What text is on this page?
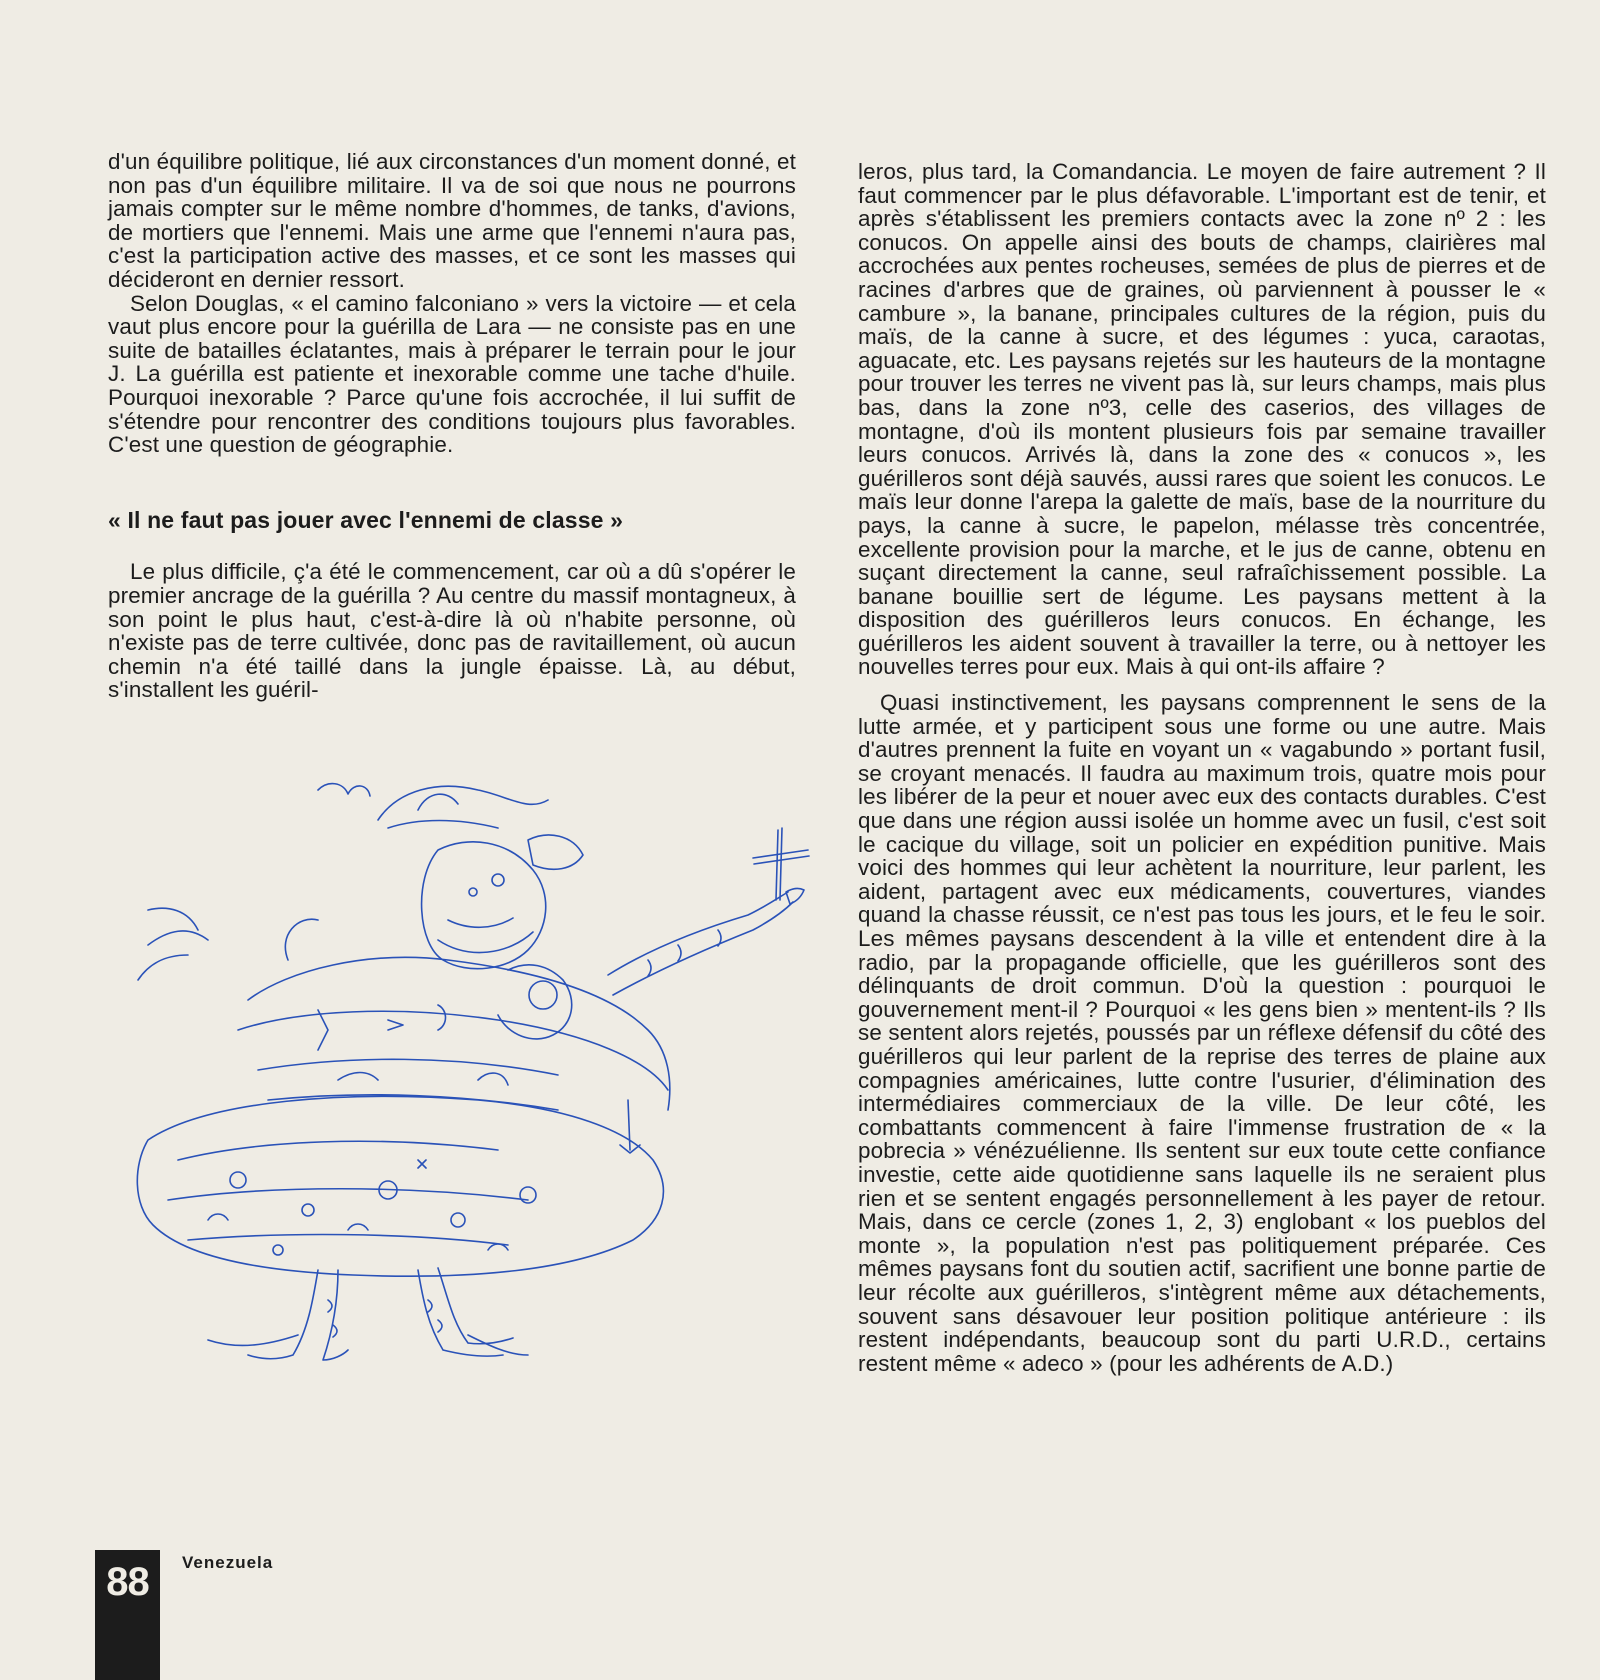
d'un équilibre politique, lié aux circonstances d'un moment donné, et non pas d'un équilibre militaire. Il va de soi que nous ne pourrons jamais compter sur le même nombre d'hommes, de tanks, d'avions, de mortiers que l'ennemi. Mais une arme que l'ennemi n'aura pas, c'est la participation active des masses, et ce sont les masses qui décideront en dernier ressort.

Selon Douglas, « el camino falconiano » vers la victoire — et cela vaut plus encore pour la guérilla de Lara — ne consiste pas en une suite de batailles éclatantes, mais à préparer le terrain pour le jour J. La guérilla est patiente et inexorable comme une tache d'huile. Pourquoi inexorable ? Parce qu'une fois accrochée, il lui suffit de s'étendre pour rencontrer des conditions toujours plus favorables. C'est une question de géographie.

« Il ne faut pas jouer avec l'ennemi de classe »

Le plus difficile, ç'a été le commencement, car où a dû s'opérer le premier ancrage de la guérilla ? Au centre du massif montagneux, à son point le plus haut, c'est-à-dire là où n'habite personne, où n'existe pas de terre cultivée, donc pas de ravitaillement, où aucun chemin n'a été taillé dans la jungle épaisse. Là, au début, s'installent les guéril-

leros, plus tard, la Comandancia. Le moyen de faire autrement ? Il faut commencer par le plus défavorable. L'important est de tenir, et après s'établissent les premiers contacts avec la zone nº 2 : les conucos. On appelle ainsi des bouts de champs, clairières mal accrochées aux pentes rocheuses, semées de plus de pierres et de racines d'arbres que de graines, où parviennent à pousser le « cambure », la banane, principales cultures de la région, puis du maïs, de la canne à sucre, et des légumes : yuca, caraotas, aguacate, etc. Les paysans rejetés sur les hauteurs de la montagne pour trouver les terres ne vivent pas là, sur leurs champs, mais plus bas, dans la zone nº3, celle des caserios, des villages de montagne, d'où ils montent plusieurs fois par semaine travailler leurs conucos. Arrivés là, dans la zone des « conucos », les guérilleros sont déjà sauvés, aussi rares que soient les conucos. Le maïs leur donne l'arepa la galette de maïs, base de la nourriture du pays, la canne à sucre, le papelon, mélasse très concentrée, excellente provision pour la marche, et le jus de canne, obtenu en suçant directement la canne, seul rafraîchissement possible. La banane bouillie sert de légume. Les paysans mettent à la disposition des guérilleros leurs conucos. En échange, les guérilleros les aident souvent à travailler la terre, ou à nettoyer les nouvelles terres pour eux. Mais à qui ont-ils affaire ?

Quasi instinctivement, les paysans comprennent le sens de la lutte armée, et y participent sous une forme ou une autre. Mais d'autres prennent la fuite en voyant un « vagabundo » portant fusil, se croyant menacés. Il faudra au maximum trois, quatre mois pour les libérer de la peur et nouer avec eux des contacts durables. C'est que dans une région aussi isolée un homme avec un fusil, c'est soit le cacique du village, soit un policier en expédition punitive. Mais voici des hommes qui leur achètent la nourriture, leur parlent, les aident, partagent avec eux médicaments, couvertures, viandes quand la chasse réussit, ce n'est pas tous les jours, et le feu le soir. Les mêmes paysans descendent à la ville et entendent dire à la radio, par la propagande officielle, que les guérilleros sont des délinquants de droit commun. D'où la question : pourquoi le gouvernement ment-il ? Pourquoi « les gens bien » mentent-ils ? Ils se sentent alors rejetés, poussés par un réflexe défensif du côté des guérilleros qui leur parlent de la reprise des terres de plaine aux compagnies américaines, lutte contre l'usurier, d'élimination des intermédiaires commerciaux de la ville. De leur côté, les combattants commencent à faire l'immense frustration de « la pobrecia » vénézuélienne. Ils sentent sur eux toute cette confiance investie, cette aide quotidienne sans laquelle ils ne seraient plus rien et se sentent engagés personnellement à les payer de retour. Mais, dans ce cercle (zones 1, 2, 3) englobant « los pueblos del monte », la population n'est pas politiquement préparée. Ces mêmes paysans font du soutien actif, sacrifient une bonne partie de leur récolte aux guérilleros, s'intègrent même aux détachements, souvent sans désavouer leur position politique antérieure : ils restent indépendants, beaucoup sont du parti U.R.D., certains restent même « adeco » (pour les adhérents de A.D.)

88	Venezuela
